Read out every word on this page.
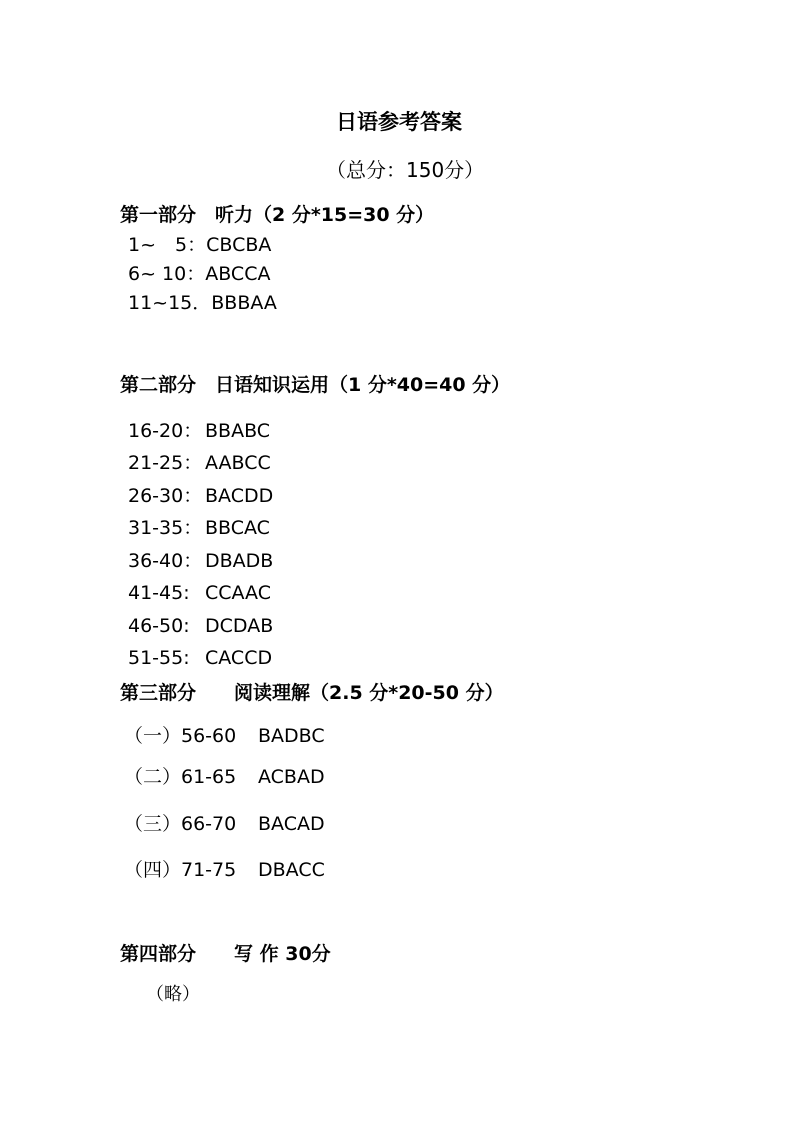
日语参考答案
（总分：150分）
第一部分　听力（2 分*15=30 分）
1~　5：CBCBA
6~ 10：ABCCA
11~15．BBBAA
第二部分　日语知识运用（1 分*40=40 分）
16-20： BBABC
21-25： AABCC
26-30： BACDD
31-35： BBCAC
36-40： DBADB
41-45: CCAAC
46-50: DCDAB
51-55: CACCD
第三部分　　阅读理解（2.5 分*20-50 分）
（一）56-60 BADBC
（二）61-65 ACBAD
（三）66-70 BACAD
（四）71-75 DBACC
第四部分　　写 作 30分
（略）
